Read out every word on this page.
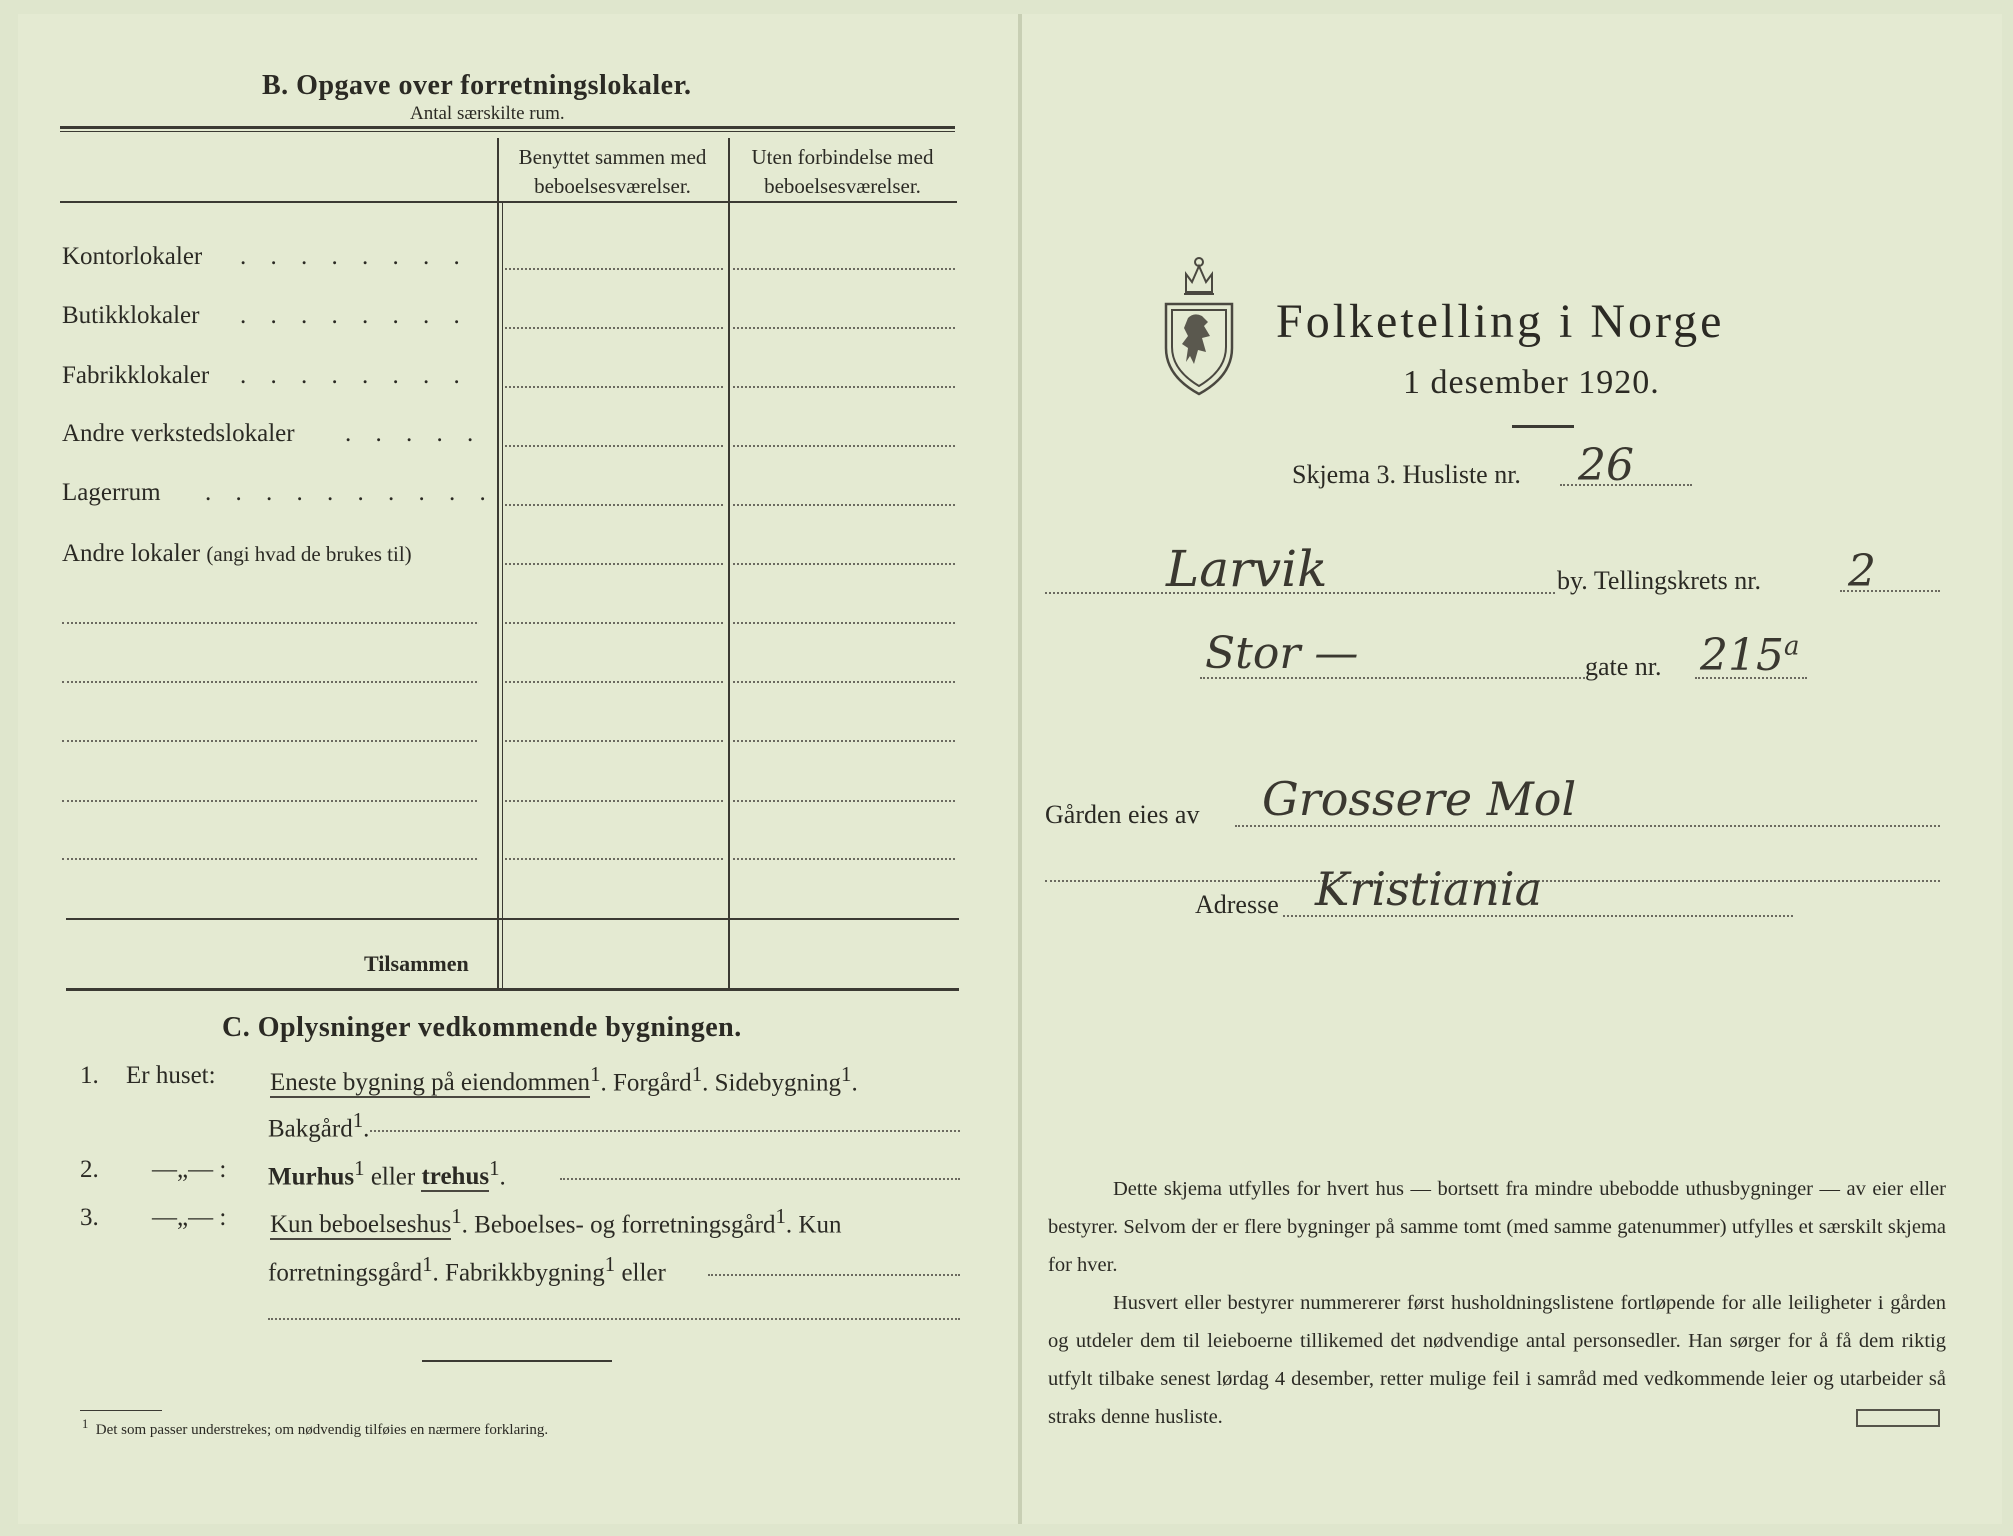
B. Opgave over forretningslokaler.
Antal særskilte rum.
Benyttet sammen med beboelsesværelser.
Uten forbindelse med beboelsesværelser.
Kontorlokaler . . . . . . . .
Butikklokaler . . . . . . . .
Fabrikklokaler . . . . . . . .
Andre verkstedslokaler . . . . .
Lagerrum . . . . . . . . . .
Andre lokaler (angi hvad de brukes til)
Tilsammen
C. Oplysninger vedkommende bygningen.
1. Er huset: Eneste bygning på eiendommen$^1$. Forgård$^1$. Sidebygning$^1$.
Bakgård$^1$.
2. —„— : Murhus$^1$ eller trehus$^1$.
3. —„— : Kun beboelseshus$^1$. Beboelses- og forretningsgård$^1$. Kun
forretningsgård$^1$. Fabrikkbygning$^1$ eller
$^1$ Det som passer understrekes; om nødvendig tilføies en nærmere forklaring.
Folketelling i Norge
1 desember 1920.
Skjema 3. Husliste nr. 26
Larvik	by. Tellingskrets nr. 2
Stor —	gate nr. 215$^a$
Gården eies av Grossere Mol
Adresse Kristiania
Dette skjema utfylles for hvert hus — bortsett fra mindre ubebodde uthusbygninger — av eier eller bestyrer. Selvom der er flere bygninger på samme tomt (med samme gatenummer) utfylles et særskilt skjema for hver.
Husvert eller bestyrer nummererer først husholdningslistene fortløpende for alle leiligheter i gården og utdeler dem til leieboerne tillikemed det nødvendige antal personsedler. Han sørger for å få dem riktig utfylt tilbake senest lørdag 4 desember, retter mulige feil i samråd med vedkommende leier og utarbeider så straks denne husliste.
